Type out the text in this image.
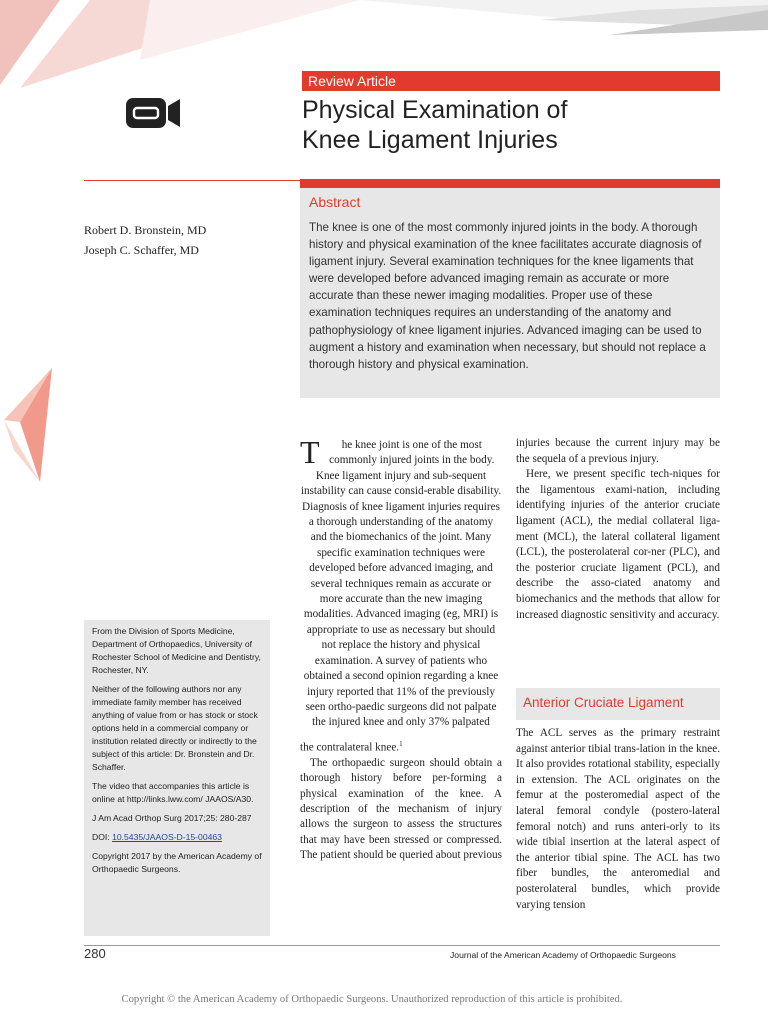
Review Article
Physical Examination of
Knee Ligament Injuries
Abstract

The knee is one of the most commonly injured joints in the body. A thorough history and physical examination of the knee facilitates accurate diagnosis of ligament injury. Several examination techniques for the knee ligaments that were developed before advanced imaging remain as accurate or more accurate than these newer imaging modalities. Proper use of these examination techniques requires an understanding of the anatomy and pathophysiology of knee ligament injuries. Advanced imaging can be used to augment a history and examination when necessary, but should not replace a thorough history and physical examination.

Robert D. Bronstein, MD
Joseph C. Schaffer, MD

From the Division of Sports Medicine, Department of Orthopaedics, University of Rochester School of Medicine and Dentistry, Rochester, NY.

Neither of the following authors nor any immediate family member has received anything of value from or has stock or stock options held in a commercial company or institution related directly or indirectly to the subject of this article: Dr. Bronstein and Dr. Schaffer.

The video that accompanies this article is online at http://links.lww.com/ JAAOS/A30.

J Am Acad Orthop Surg 2017;25: 280-287

DOI: 10.5435/JAAOS-D-15-00463

Copyright 2017 by the American Academy of Orthopaedic Surgeons.

T he knee joint is one of the most commonly injured joints in the body. Knee ligament injury and sub-sequent instability can cause consid-erable disability. Diagnosis of knee ligament injuries requires a thorough understanding of the anatomy and the biomechanics of the joint. Many specific examination techniques were developed before advanced imaging, and several techniques remain as accurate or more accurate than the new imaging modalities. Advanced imaging (eg, MRI) is appropriate to use as necessary but should not replace the history and physical examination. A survey of patients who obtained a second opinion regarding a knee injury reported that 11% of the previously seen ortho-paedic surgeons did not palpate the injured knee and only 37% palpated

the contralateral knee.$^1$

The orthopaedic surgeon should obtain a thorough history before per-forming a physical examination of the knee. A description of the mechanism of injury allows the surgeon to assess the structures that may have been stressed or compressed. The patient should be queried about previous

injuries because the current injury may be the sequela of a previous injury.

Here, we present specific tech-niques for the ligamentous exami-nation, including identifying injuries of the anterior cruciate ligament (ACL), the medial collateral liga-ment (MCL), the lateral collateral ligament (LCL), the posterolateral cor-ner (PLC), and the posterior cruciate ligament (PCL), and describe the asso-ciated anatomy and biomechanics and the methods that allow for increased diagnostic sensitivity and accuracy.

Anterior Cruciate Ligament

The ACL serves as the primary restraint against anterior tibial trans-lation in the knee. It also provides rotational stability, especially in extension. The ACL originates on the femur at the posteromedial aspect of the lateral femoral condyle (postero-lateral femoral notch) and runs anteri-orly to its wide tibial insertion at the lateral aspect of the anterior tibial spine. The ACL has two fiber bundles, the anteromedial and posterolateral bundles, which provide varying tension

280	Journal of the American Academy of Orthopaedic Surgeons
Copyright © the American Academy of Orthopaedic Surgeons. Unauthorized reproduction of this article is prohibited.
